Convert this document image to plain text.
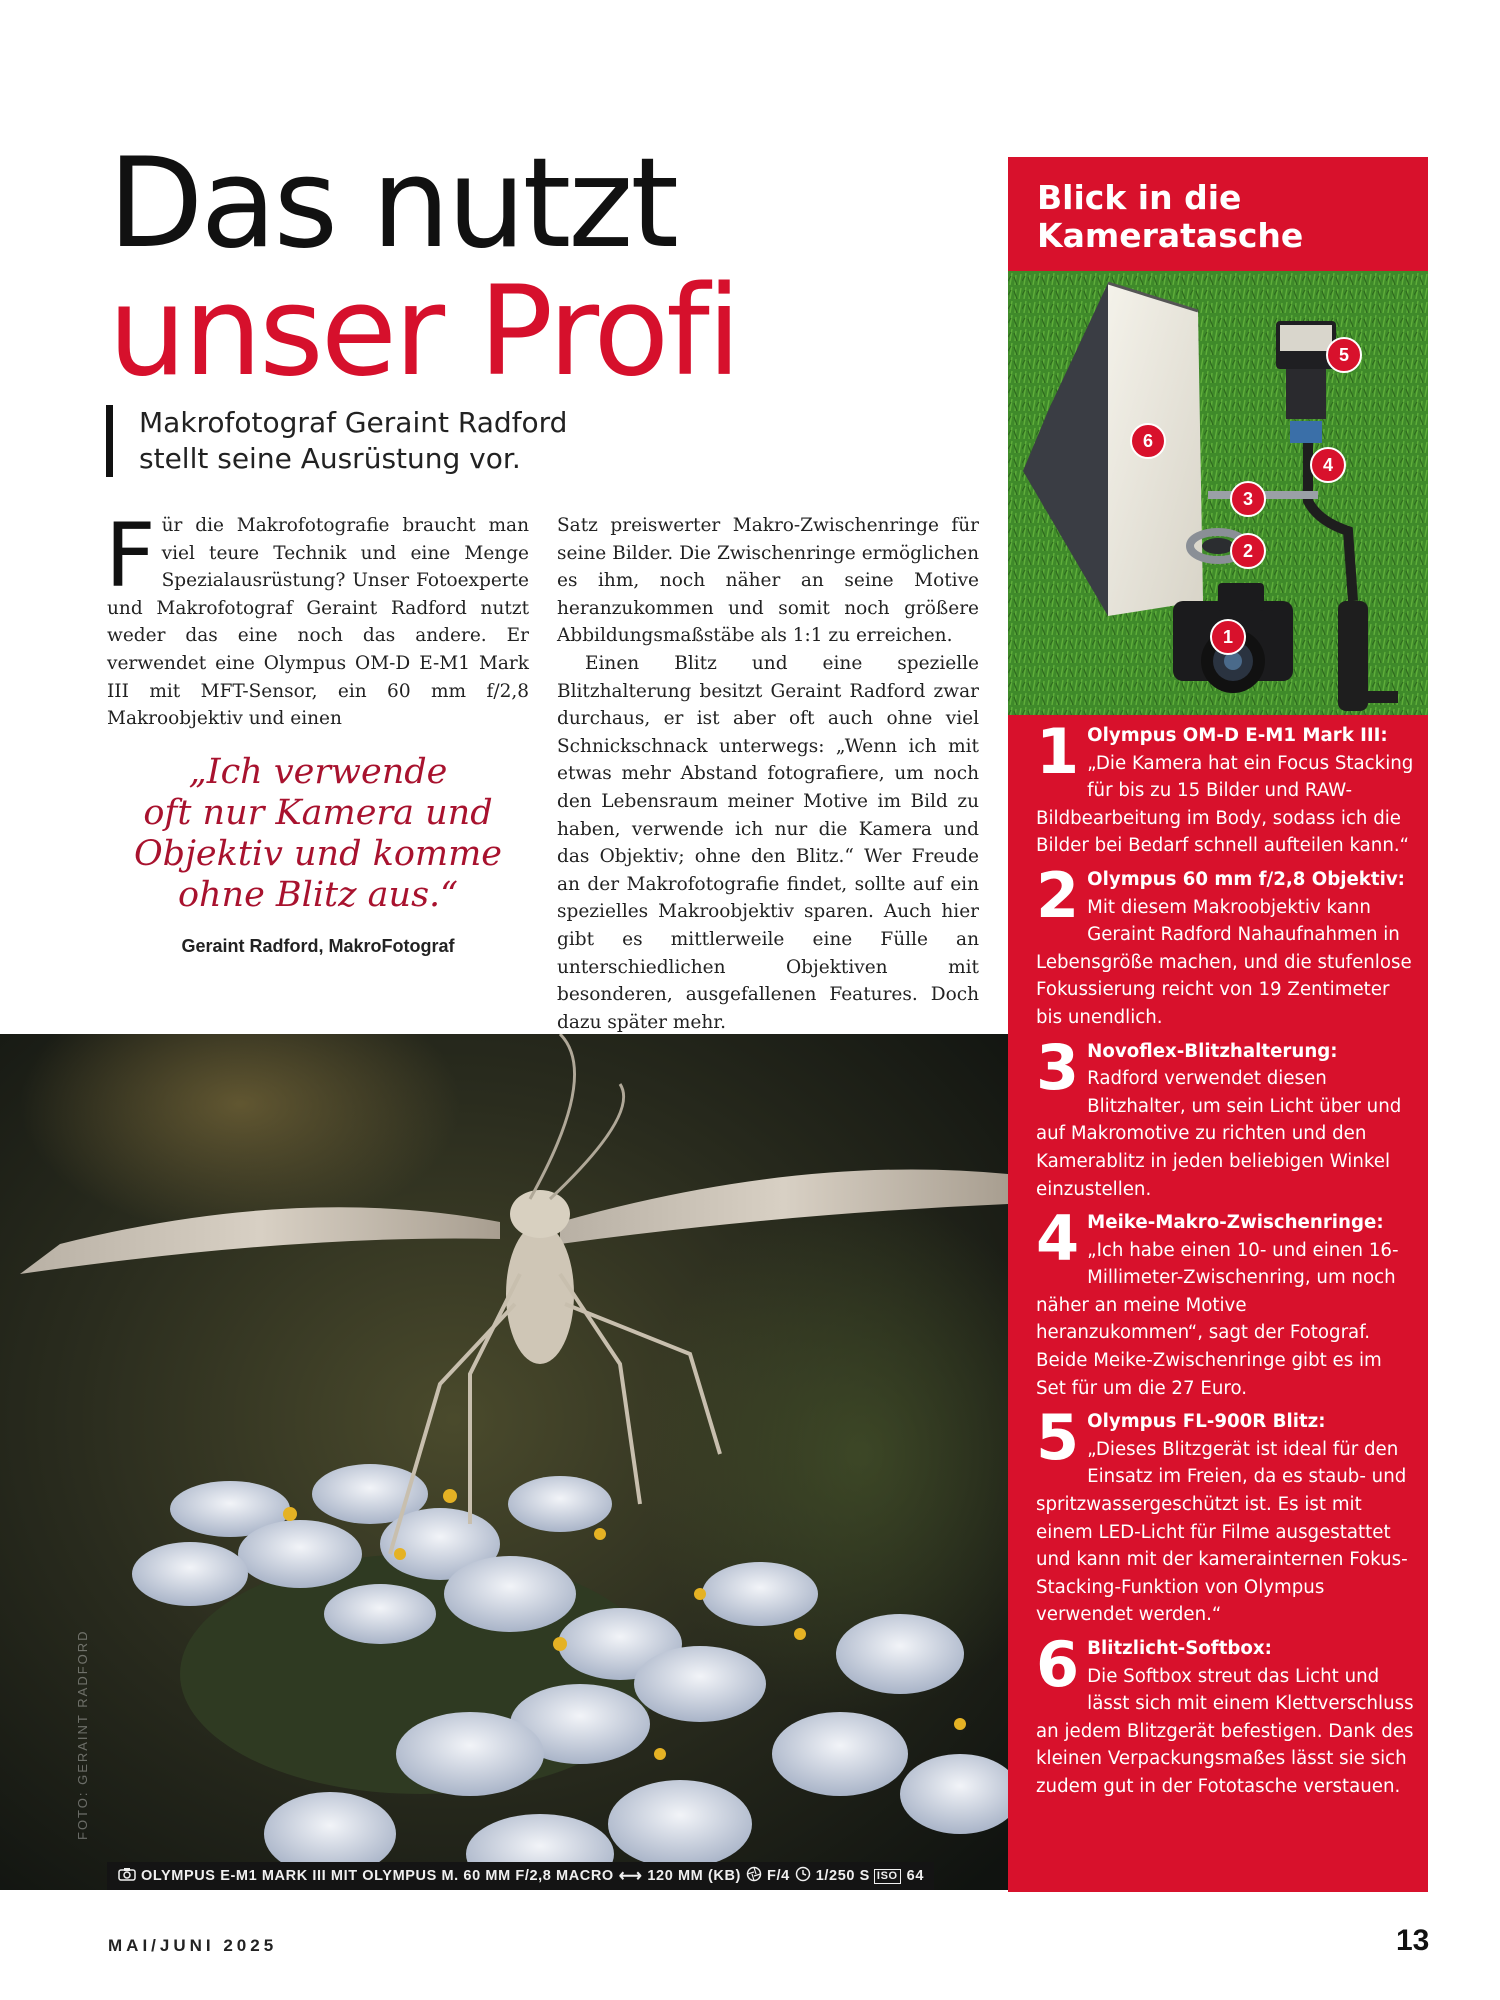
Das nutzt
unser Profi
Makrofotograf Geraint Radford
stellt seine Ausrüstung vor.

Für die Makrofotografie braucht man viel teure Technik und eine Menge Spezialausrüstung? Unser Fotoexperte und Makrofotograf Geraint Radford nutzt weder das eine noch das andere. Er verwendet eine Olympus OM-D E-M1 Mark III mit MFT-Sensor, ein 60 mm f/2,8 Makroobjektiv und einen

Satz preiswerter Makro-Zwischenringe für seine Bilder. Die Zwischenringe ermöglichen es ihm, noch näher an seine Motive heranzukommen und somit noch größere Abbildungsmaßstäbe als 1:1 zu erreichen.

Einen Blitz und eine spezielle Blitzhalterung besitzt Geraint Radford zwar durchaus, er ist aber oft auch ohne viel Schnickschnack unterwegs: „Wenn ich mit etwas mehr Abstand fotografiere, um noch den Lebensraum meiner Motive im Bild zu haben, verwende ich nur die Kamera und das Objektiv; ohne den Blitz.“ Wer Freude an der Makrofotografie findet, sollte auf ein spezielles Makroobjektiv sparen. Auch hier gibt es mittlerweile eine Fülle an unterschiedlichen Objektiven mit besonderen, ausgefallenen Features. Doch dazu später mehr.

„Ich verwende
oft nur Kamera und
Objektiv und komme
ohne Blitz aus.“
Geraint Radford, MakroFotograf
FOTO: GERAINT RADFORD
OLYMPUS E-M1 MARK III MIT OLYMPUS M. 60 MM F/2,8 MACRO ⟷ 120 MM (KB) F/4 1/250 S ISO 64
Blick in die
Kameratasche
1
2
3
4
5
6
1 Olympus OM-D E-M1 Mark III:
„Die Kamera hat ein Focus Stacking für bis zu 15 Bilder und RAW-Bildbearbeitung im Body, sodass ich die Bilder bei Bedarf schnell aufteilen kann.“
2 Olympus 60 mm f/2,8 Objektiv:
Mit diesem Makroobjektiv kann Geraint Radford Nahaufnahmen in Lebensgröße machen, und die stufenlose Fokussierung reicht von 19 Zentimeter bis unendlich.
3 Novoflex-Blitzhalterung:
Radford verwendet diesen Blitzhalter, um sein Licht über und auf Makromotive zu richten und den Kamerablitz in jeden beliebigen Winkel einzustellen.
4 Meike-Makro-Zwischenringe:
„Ich habe einen 10- und einen 16-Millimeter-Zwischenring, um noch näher an meine Motive heranzukommen“, sagt der Fotograf. Beide Meike-Zwischenringe gibt es im Set für um die 27 Euro.
5 Olympus FL-900R Blitz:
„Dieses Blitzgerät ist ideal für den Einsatz im Freien, da es staub- und spritzwassergeschützt ist. Es ist mit einem LED-Licht für Filme ausgestattet und kann mit der kamerainternen Fokus-Stacking-Funktion von Olympus verwendet werden.“
6 Blitzlicht-Softbox:
Die Softbox streut das Licht und lässt sich mit einem Klettverschluss an jedem Blitzgerät befestigen. Dank des kleinen Verpackungsmaßes lässt sie sich zudem gut in der Fototasche verstauen.
MAI/JUNI 2025	13
